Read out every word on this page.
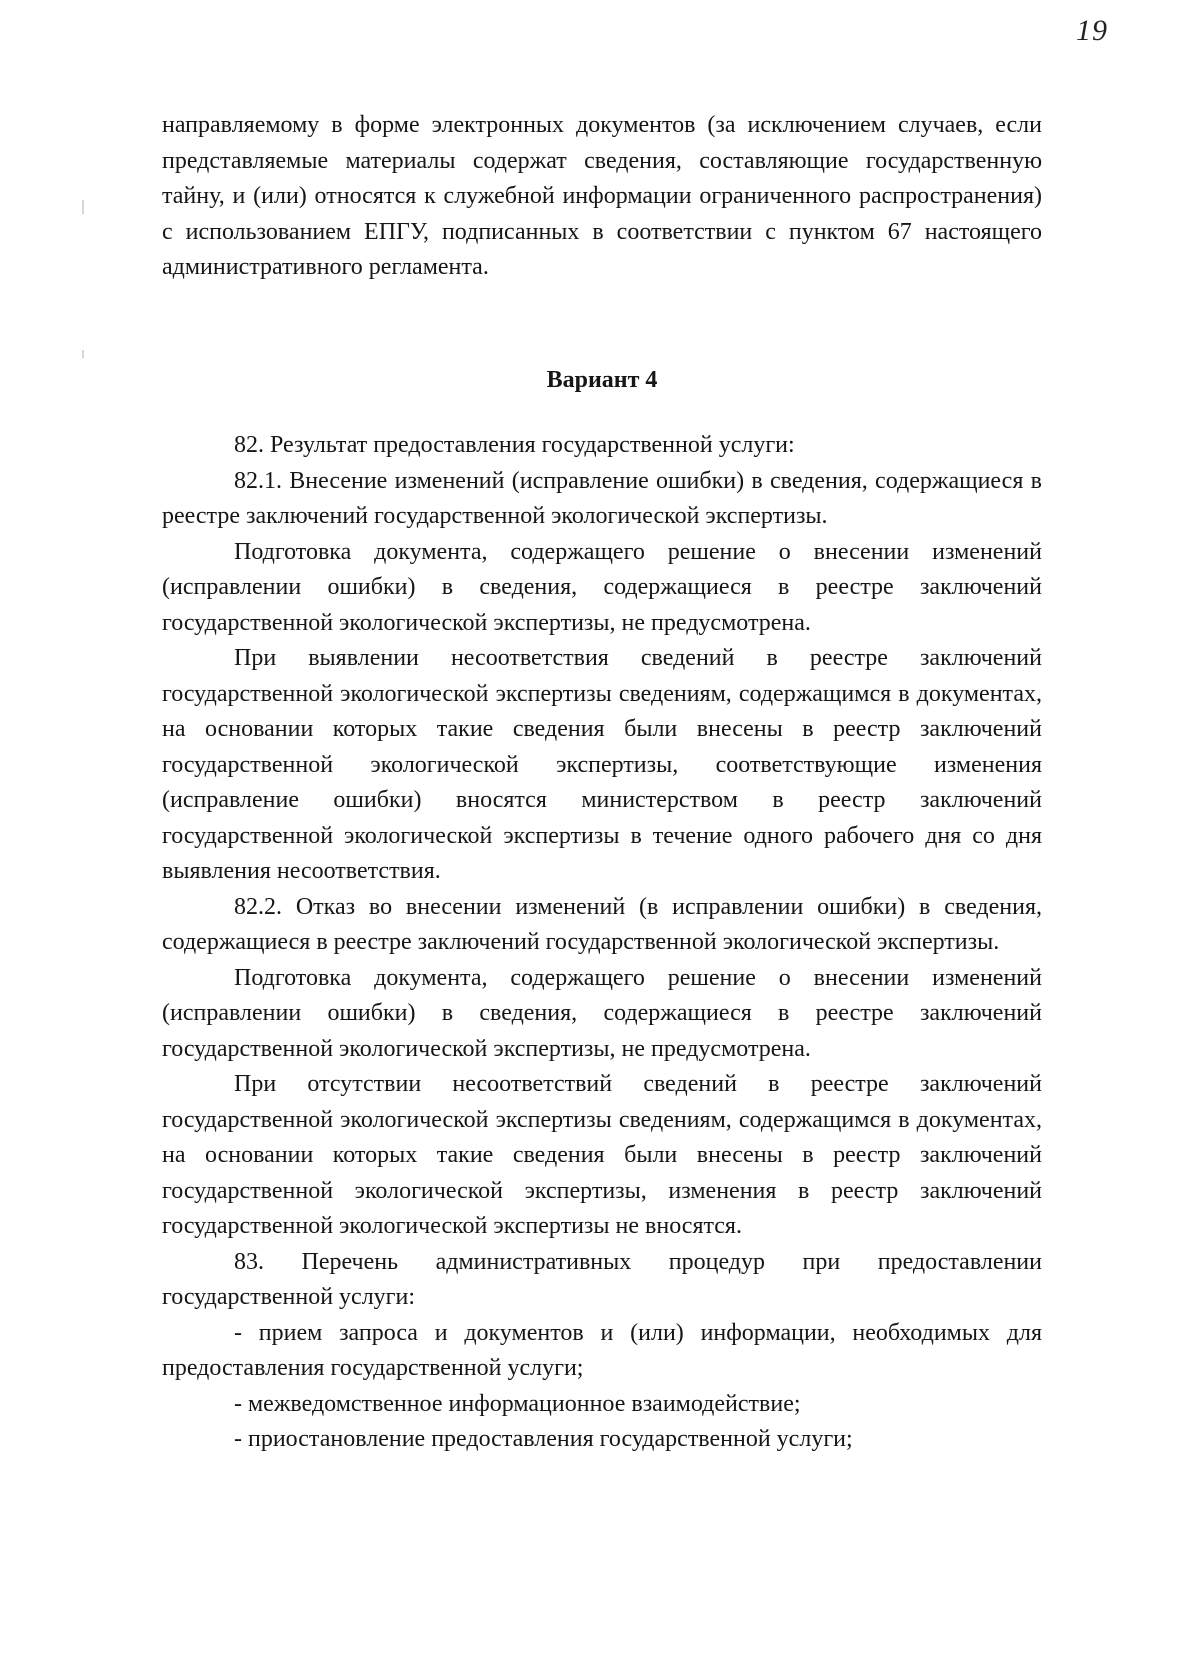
19

направляемому в форме электронных документов (за исключением случаев, если представляемые материалы содержат сведения, составляющие государственную тайну, и (или) относятся к служебной информации ограниченного распространения) с использованием ЕПГУ, подписанных в соответствии с пунктом 67 настоящего административного регламента.

Вариант 4

82. Результат предоставления государственной услуги:

82.1. Внесение изменений (исправление ошибки) в сведения, содержащиеся в реестре заключений государственной экологической экспертизы.

Подготовка документа, содержащего решение о внесении изменений (исправлении ошибки) в сведения, содержащиеся в реестре заключений государственной экологической экспертизы, не предусмотрена.

При выявлении несоответствия сведений в реестре заключений государственной экологической экспертизы сведениям, содержащимся в документах, на основании которых такие сведения были внесены в реестр заключений государственной экологической экспертизы, соответствующие изменения (исправление ошибки) вносятся министерством в реестр заключений государственной экологической экспертизы в течение одного рабочего дня со дня выявления несоответствия.

82.2. Отказ во внесении изменений (в исправлении ошибки) в сведения, содержащиеся в реестре заключений государственной экологической экспертизы.

Подготовка документа, содержащего решение о внесении изменений (исправлении ошибки) в сведения, содержащиеся в реестре заключений государственной экологической экспертизы, не предусмотрена.

При отсутствии несоответствий сведений в реестре заключений государственной экологической экспертизы сведениям, содержащимся в документах, на основании которых такие сведения были внесены в реестр заключений государственной экологической экспертизы, изменения в реестр заключений государственной экологической экспертизы не вносятся.

83. Перечень административных процедур при предоставлении государственной услуги:

- прием запроса и документов и (или) информации, необходимых для предоставления государственной услуги;

- межведомственное информационное взаимодействие;

- приостановление предоставления государственной услуги;
